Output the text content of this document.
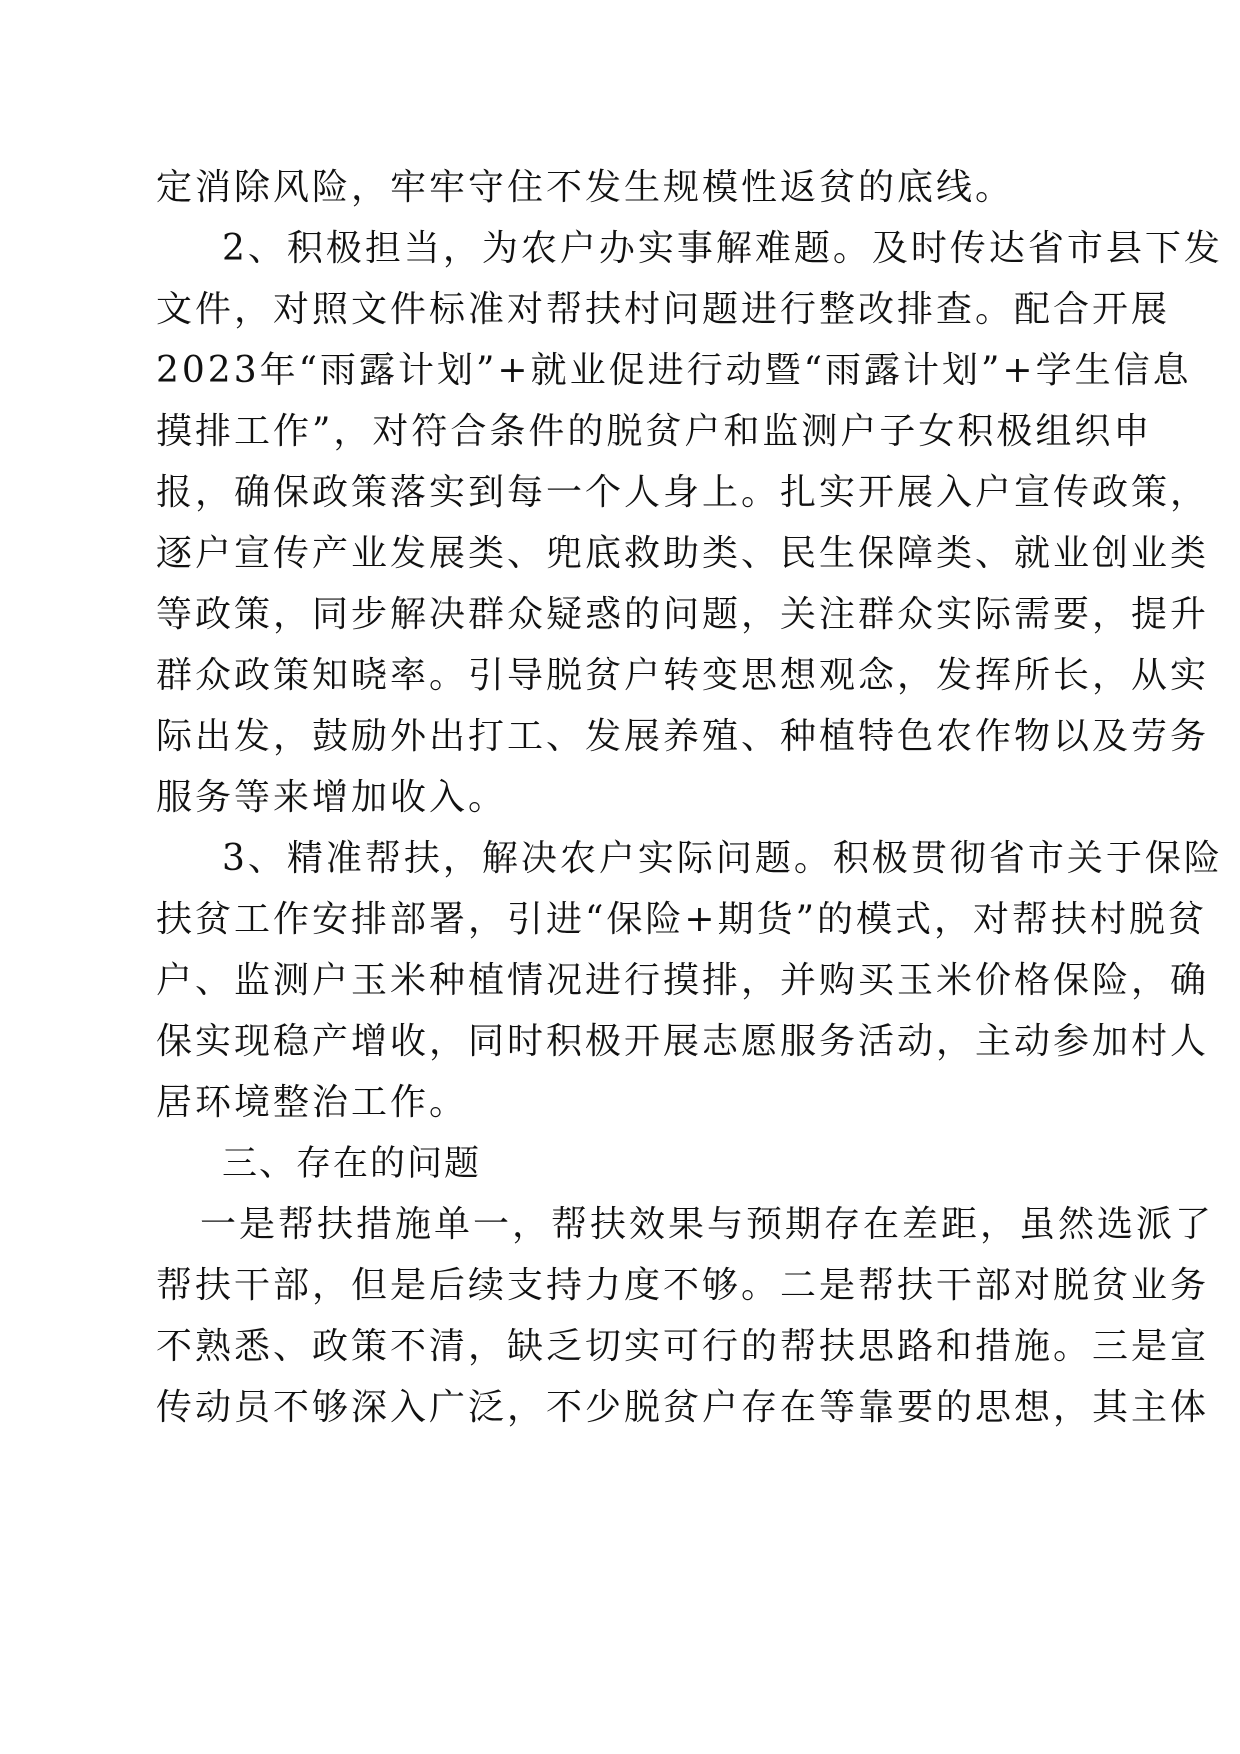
定消除风险，牢牢守住不发生规模性返贫的底线。
2、积极担当，为农户办实事解难题。及时传达省市县下发
文件，对照文件标准对帮扶村问题进行整改排查。配合开展
2023年“雨露计划”+就业促进行动暨“雨露计划”+学生信息
摸排工作”，对符合条件的脱贫户和监测户子女积极组织申
报，确保政策落实到每一个人身上。扎实开展入户宣传政策，
逐户宣传产业发展类、兜底救助类、民生保障类、就业创业类
等政策，同步解决群众疑惑的问题，关注群众实际需要，提升
群众政策知晓率。引导脱贫户转变思想观念，发挥所长，从实
际出发，鼓励外出打工、发展养殖、种植特色农作物以及劳务
服务等来增加收入。
3、精准帮扶，解决农户实际问题。积极贯彻省市关于保险
扶贫工作安排部署，引进“保险+期货”的模式，对帮扶村脱贫
户、监测户玉米种植情况进行摸排，并购买玉米价格保险，确
保实现稳产增收，同时积极开展志愿服务活动，主动参加村人
居环境整治工作。
三、存在的问题
一是帮扶措施单一，帮扶效果与预期存在差距，虽然选派了
帮扶干部，但是后续支持力度不够。二是帮扶干部对脱贫业务
不熟悉、政策不清，缺乏切实可行的帮扶思路和措施。三是宣
传动员不够深入广泛，不少脱贫户存在等靠要的思想，其主体
